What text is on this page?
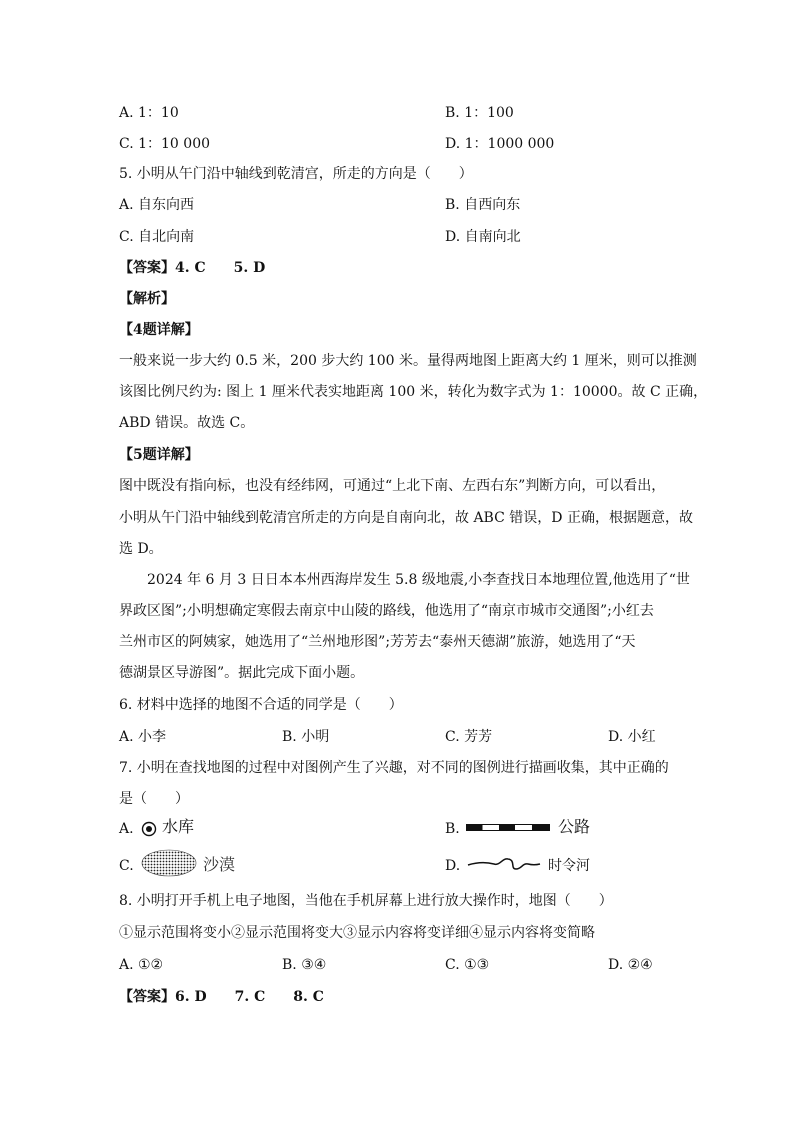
A. 1：10	B. 1：100
C. 1：10 000	D. 1：1000 000
5. 小明从午门沿中轴线到乾清宫，所走的方向是（　　）
A. 自东向西	B. 自西向东
C. 自北向南	D. 自南向北
【答案】4. C　　5. D
【解析】
【4题详解】
一般来说一步大约 0.5 米，200 步大约 100 米。量得两地图上距离大约 1 厘米，则可以推测
该图比例尺约为: 图上 1 厘米代表实地距离 100 米，转化为数字式为 1：10000。故 C 正确，
ABD 错误。故选 C。
【5题详解】
图中既没有指向标，也没有经纬网，可通过“上北下南、左西右东”判断方向，可以看出，
小明从午门沿中轴线到乾清宫所走的方向是自南向北，故 ABC 错误，D 正确，根据题意，故
选 D。
2024 年 6 月 3 日日本本州西海岸发生 5.8 级地震,小李查找日本地理位置,他选用了“世
界政区图”;小明想确定寒假去南京中山陵的路线，他选用了“南京市城市交通图”;小红去
兰州市区的阿姨家，她选用了“兰州地形图”;芳芳去“泰州天德湖”旅游，她选用了“天
德湖景区导游图”。据此完成下面小题。
6. 材料中选择的地图不合适的同学是（　　）
A. 小李	B. 小明	C. 芳芳	D. 小红
7. 小明在查找地图的过程中对图例产生了兴趣，对不同的图例进行描画收集，其中正确的
是（　　）
A. 水库	B.	公路
C.	沙漠	D.	时令河
8. 小明打开手机上电子地图，当他在手机屏幕上进行放大操作时，地图（　　）
①显示范围将变小②显示范围将变大③显示内容将变详细④显示内容将变简略
A. ①②	B. ③④	C. ①③	D. ②④
【答案】6. D　　7. C　　8. C
